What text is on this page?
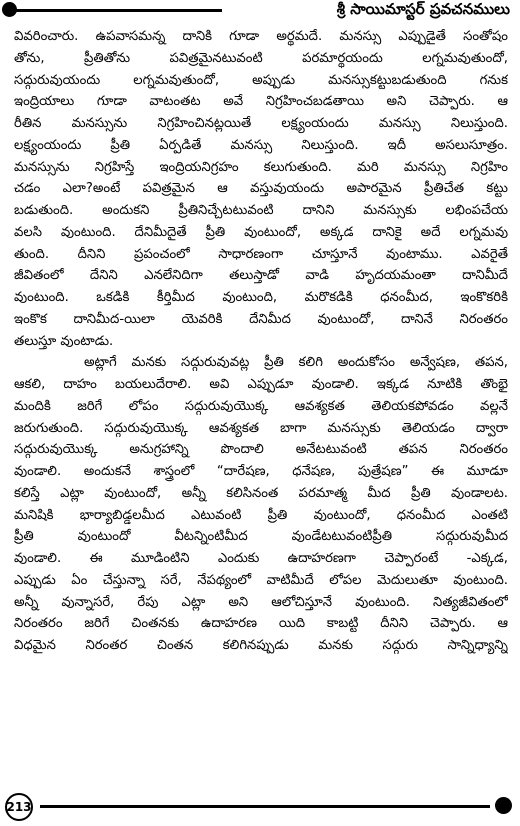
శ్రీ సాయిమాస్టర్ ప్రవచనములు

వివరించారు. ఉపవాసమన్న దానికి గూడా అర్థమదే. మనస్సు ఎప్పుడైతే సంతోషం
తోను, ప్రీతితోను పవిత్రమైనటువంటి పరమార్థయందు లగ్నమవుతుందో,
సద్గురువుయందు లగ్నమవుతుందో, అప్పుడు మనస్సుకట్టుబడుతుంది గనుక
ఇంద్రియాలు గూడా వాటంతట అవే నిగ్రహించబడతాయి అని చెప్పారు. ఆ
రీతిన మనస్సును నిగ్రహించినట్లయితే లక్ష్యంయందు మనస్సు నిలుస్తుంది.
లక్ష్యంయందు ప్రీతి ఏర్పడితే మనస్సు నిలుస్తుంది. ఇదీ అసలుసూత్రం.
మనస్సును నిగ్రహిస్తే ఇంద్రియనిగ్రహం కలుగుతుంది. మరి మనస్సు నిగ్రహిం
చడం ఎలా?అంటే పవిత్రమైన ఆ వస్తువుయందు అపారమైన ప్రీతిచేత కట్టు
బడుతుంది. అందుకని ప్రీతినిచ్చేటటువంటి దానిని మనస్సుకు లభింపచేయ
వలసి వుంటుంది. దేనిమీదైతే ప్రీతి వుంటుందో, అక్కడ దానికై అదే లగ్నమవు
తుంది. దీనిని ప్రపంచంలో సాధారణంగా చూస్తూనే వుంటాము. ఎవరైతే
జీవితంలో దేనిని ఎనలేనిదిగా తలుస్తాడో వాడి హృదయమంతా దానిమీదే
వుంటుంది. ఒకడికి కీర్తిమీద వుంటుంది, మరొకడికి ధనంమీద, ఇంకొకరికి
ఇంకొక దానిమీద-యిలా యెవరికి దేనిమీద వుంటుందో, దానినే నిరంతరం
తలుస్తూ వుంటాడు.

అట్లాగే మనకు సద్గురువువట్ల ప్రీతి కలిగి అందుకోసం అన్వేషణ, తపన,
ఆకలి, దాహం బయలుదేరాలి. అవి ఎప్పుడూ వుండాలి. ఇక్కడ నూటికి తొంభై
మందికి జరిగే లోపం సద్గురువుయొక్క ఆవశ్యకత తెలియకపోవడం వల్లనే
జరుగుతుంది. సద్గురువుయొక్క ఆవశ్యకత బాగా మనస్సుకు తెలియడం ద్వారా
సద్గురువుయొక్క అనుగ్రహాన్ని పొందాలి అనేటటువంటి తపన నిరంతరం
వుండాలి. అందుకనే శాస్త్రంలో “దారేషణ, ధనేషణ, పుత్రేషణ” ఈ మూడూ
కలిస్తే ఎట్లా వుంటుందో, అన్నీ కలిసినంత పరమాత్మ మీద ప్రీతి వుండాలట.
మనిషికి భార్యాబిడ్డలమీద ఎటువంటి ప్రీతి వుంటుందో, ధనంమీద ఎంతటి
ప్రీతి వుంటుందో వీటన్నింటిమీద వుండేటటువంటిప్రీతి సద్గురువుమీద
వుండాలి. ఈ మూడింటిని ఎందుకు ఉదాహరణగా చెప్పారంటే -ఎక్కడ,
ఎప్పుడు ఏం చేస్తున్నా సరే, నేపథ్యంలో వాటిమీదే లోపల మెదులుతూ వుంటుంది.
అన్నీ వున్నాసరే, రేపు ఎట్లా అని ఆలోచిస్తూనే వుంటుంది. నిత్యజీవితంలో
నిరంతరం జరిగే చింతనకు ఉదాహరణ యిది కాబట్టి దీనిని చెప్పారు. ఆ
విధమైన నిరంతర చింతన కలిగినప్పుడు మనకు సద్గురు సాన్నిధ్యాన్ని

213
